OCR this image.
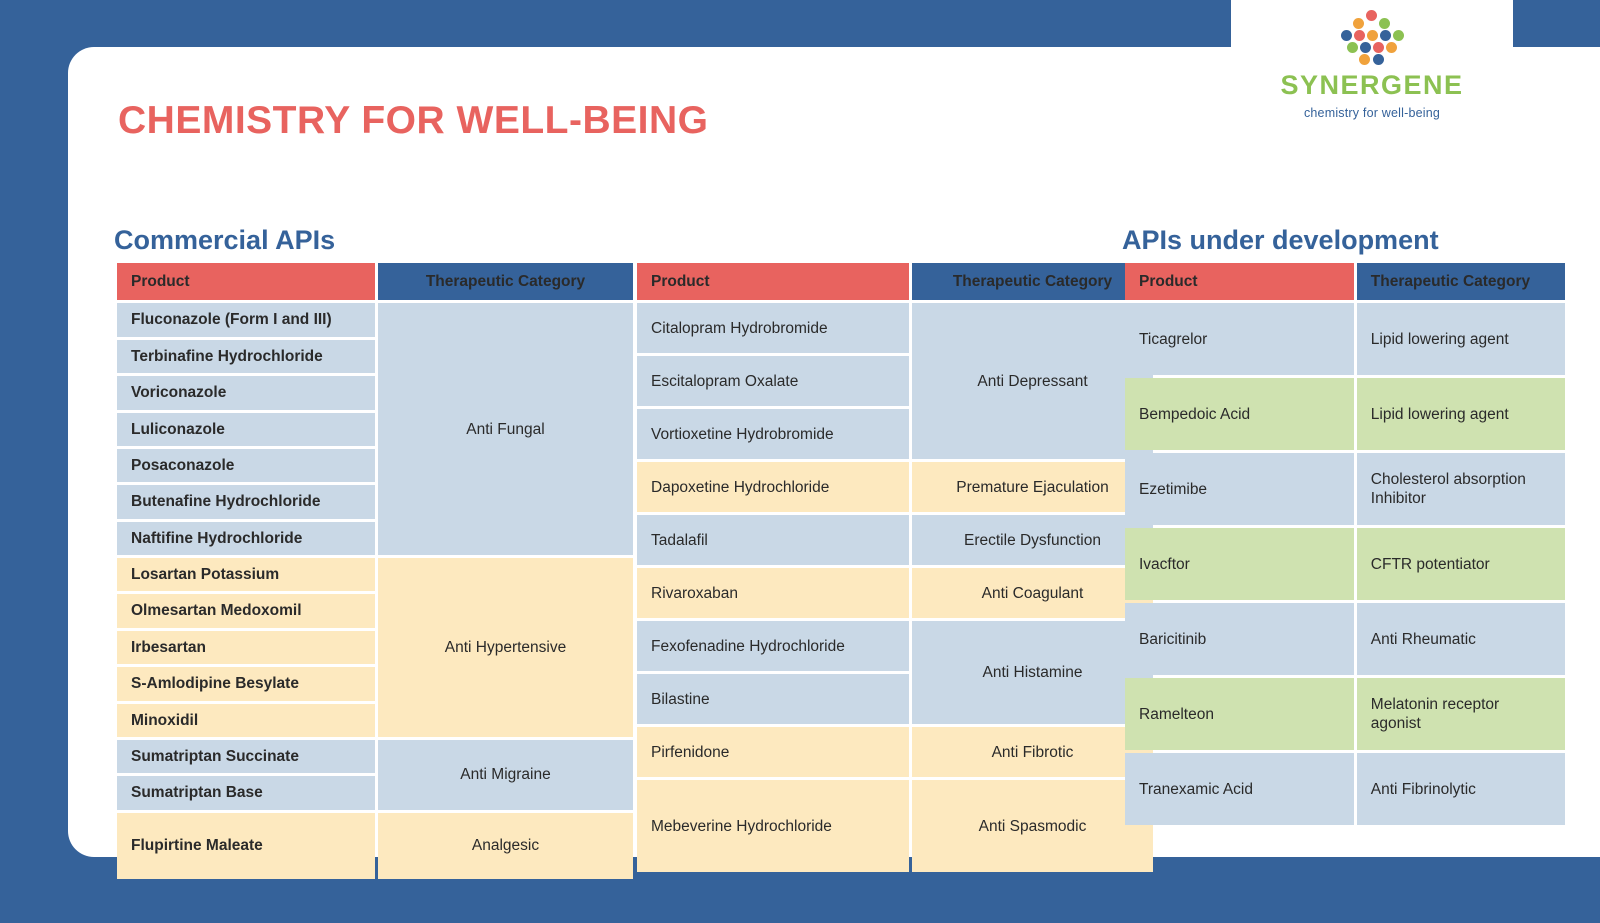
CHEMISTRY FOR WELL-BEING
Commercial APIs	APIs under development
Product	Therapeutic Category
Fluconazole (Form I and III)	Anti Fungal
Terbinafine Hydrochloride	
Voriconazole	
Luliconazole	
Posaconazole	
Butenafine Hydrochloride	
Naftifine Hydrochloride	
Losartan Potassium	Anti Hypertensive
Olmesartan Medoxomil	
Irbesartan	
S-Amlodipine Besylate	
Minoxidil	
Sumatriptan Succinate	Anti Migraine
Sumatriptan Base	
Flupirtine Maleate	Analgesic
Product	Therapeutic Category
Citalopram Hydrobromide	Anti Depressant
Escitalopram Oxalate	
Vortioxetine Hydrobromide	
Dapoxetine Hydrochloride	Premature Ejaculation
Tadalafil	Erectile Dysfunction
Rivaroxaban	Anti Coagulant
Fexofenadine Hydrochloride	Anti Histamine
Bilastine	
Pirfenidone	Anti Fibrotic
Mebeverine Hydrochloride	Anti Spasmodic
Product	Therapeutic Category
Ticagrelor	Lipid lowering agent
Bempedoic Acid	Lipid lowering agent
Ezetimibe	Cholesterol absorption Inhibitor
Ivacftor	CFTR potentiator
Baricitinib	Anti Rheumatic
Ramelteon	Melatonin receptor agonist
Tranexamic Acid	Anti Fibrinolytic
SYNERGENE
chemistry for well-being
